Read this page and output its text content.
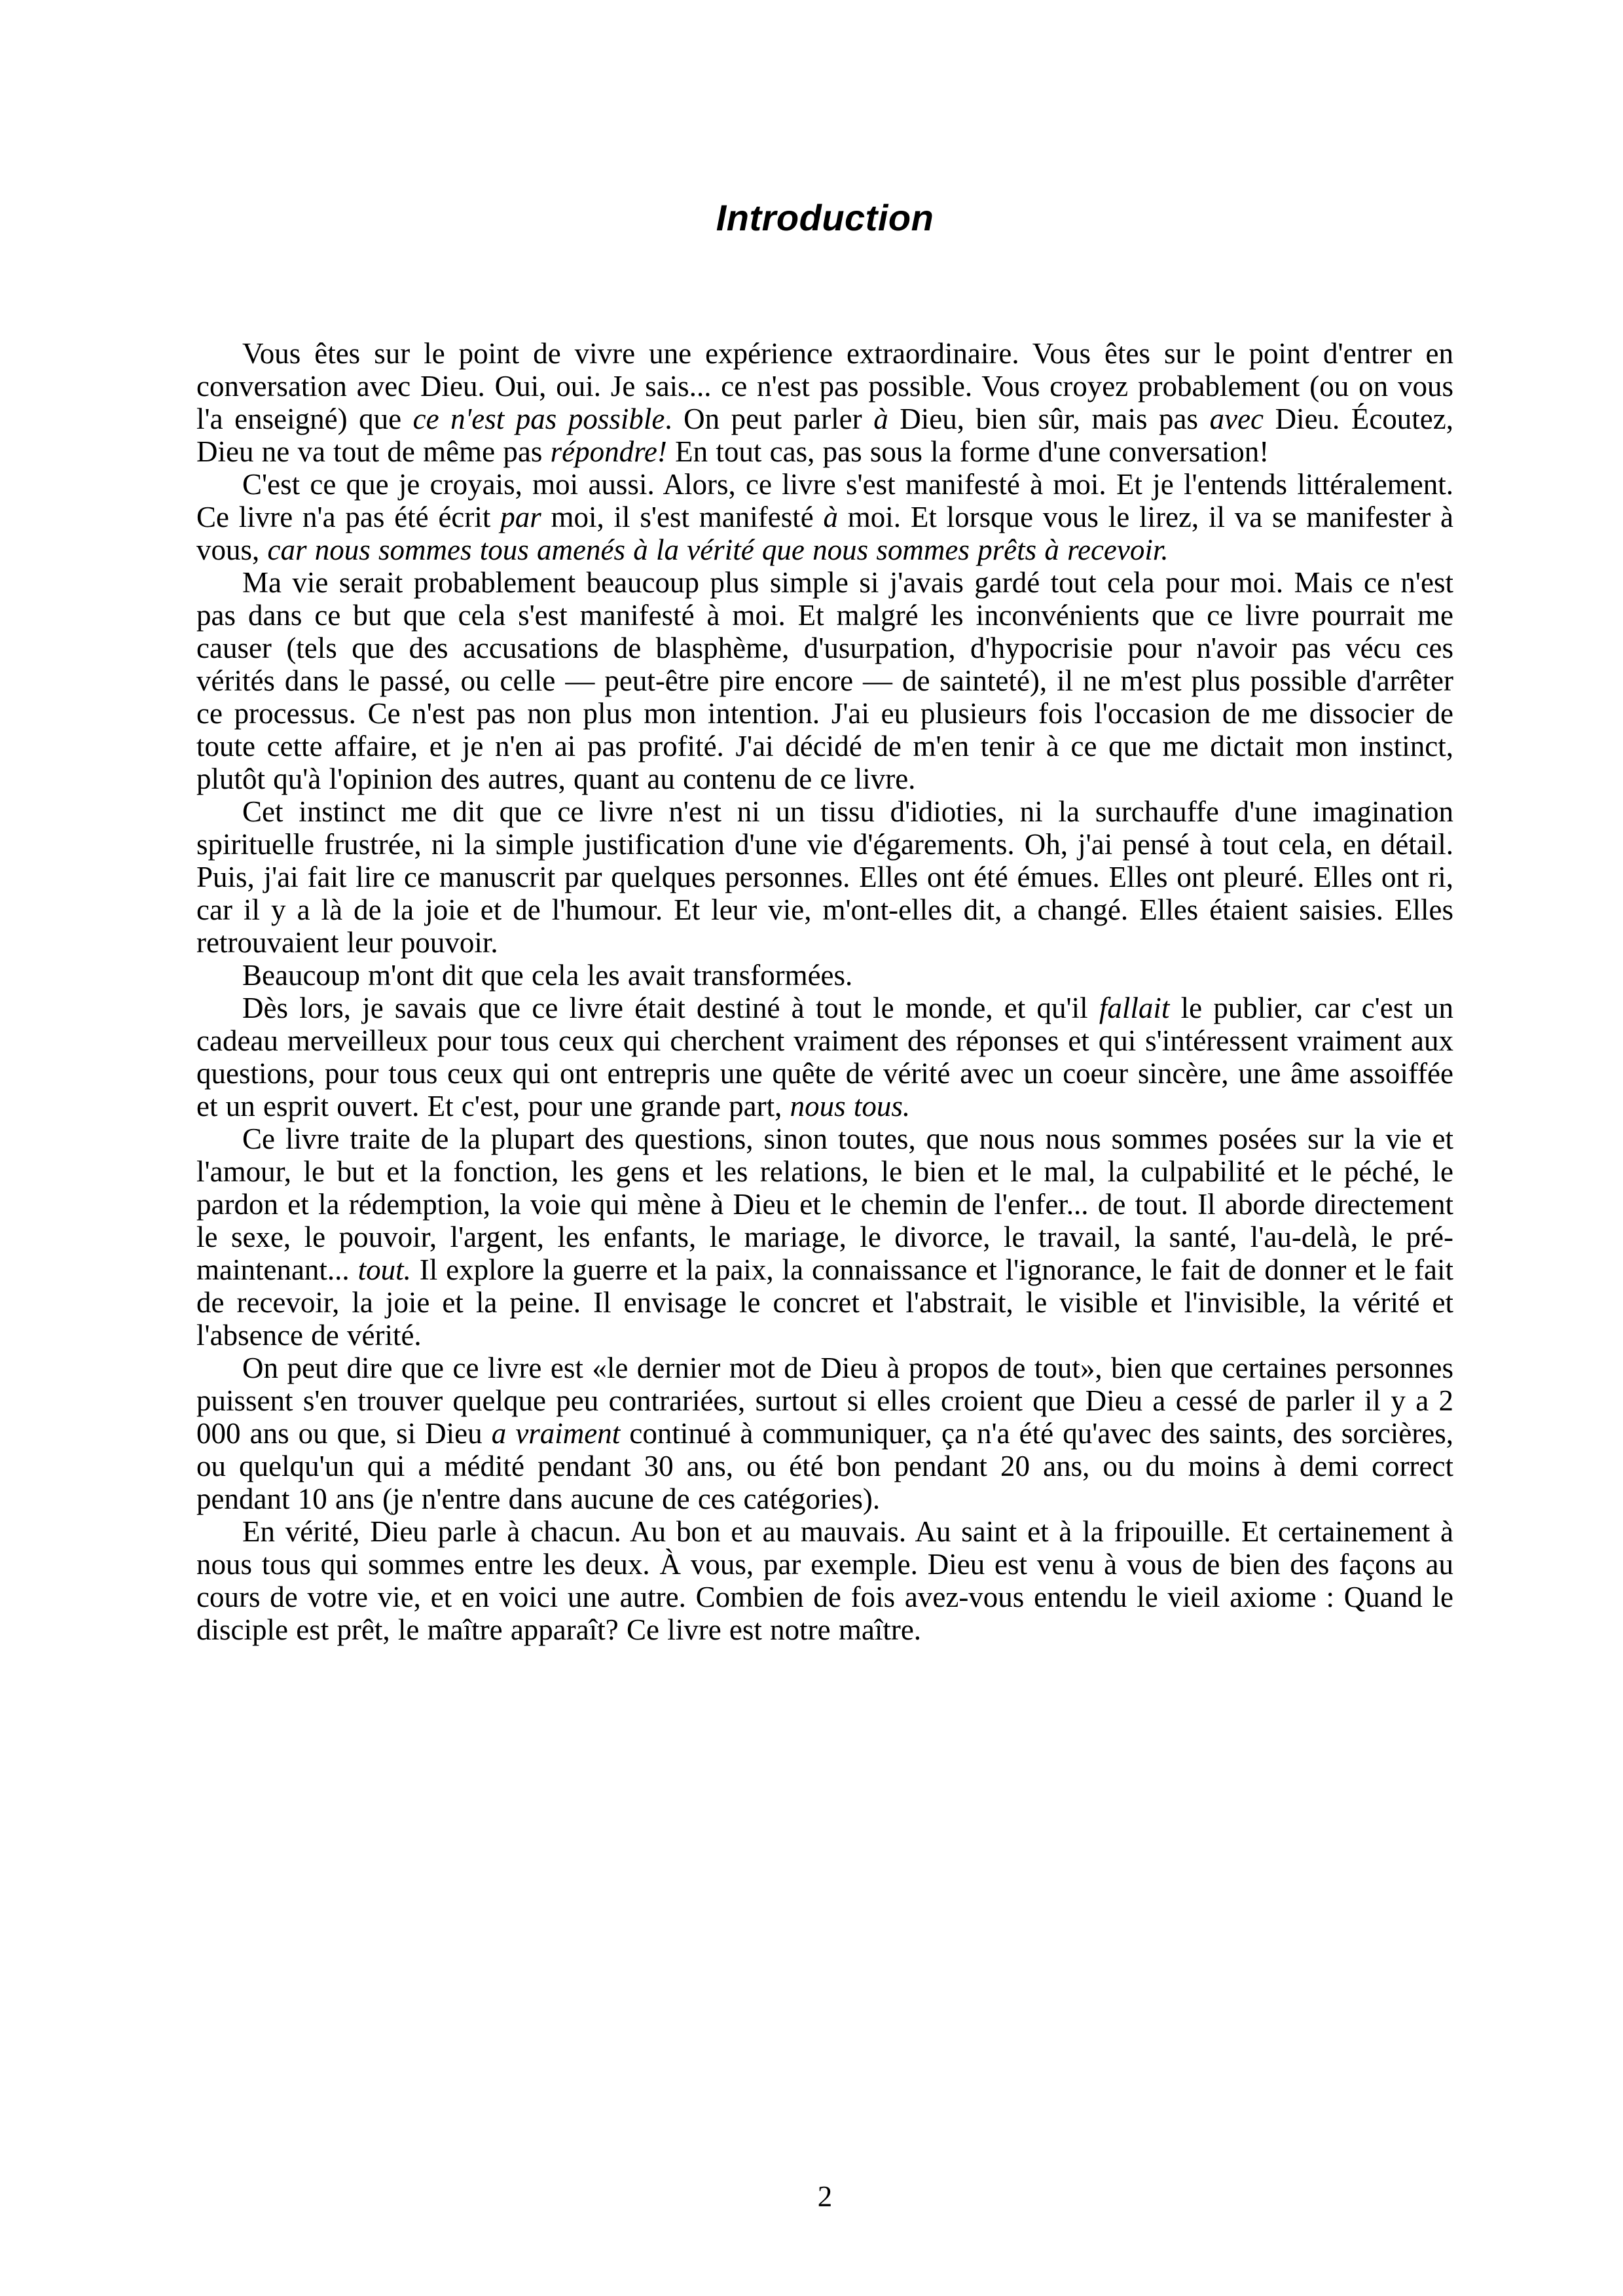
Introduction

Vous êtes sur le point de vivre une expérience extraordinaire. Vous êtes sur le point d'entrer en conversation avec Dieu. Oui, oui. Je sais... ce n'est pas possible. Vous croyez probablement (ou on vous l'a enseigné) que ce n'est pas possible. On peut parler à Dieu, bien sûr, mais pas avec Dieu. Écoutez, Dieu ne va tout de même pas répondre! En tout cas, pas sous la forme d'une conversation!

C'est ce que je croyais, moi aussi. Alors, ce livre s'est manifesté à moi. Et je l'entends littéralement. Ce livre n'a pas été écrit par moi, il s'est manifesté à moi. Et lorsque vous le lirez, il va se manifester à vous, car nous sommes tous amenés à la vérité que nous sommes prêts à recevoir.

Ma vie serait probablement beaucoup plus simple si j'avais gardé tout cela pour moi. Mais ce n'est pas dans ce but que cela s'est manifesté à moi. Et malgré les inconvénients que ce livre pourrait me causer (tels que des accusations de blasphème, d'usurpation, d'hypocrisie pour n'avoir pas vécu ces vérités dans le passé, ou celle — peut-être pire encore — de sainteté), il ne m'est plus possible d'arrêter ce processus. Ce n'est pas non plus mon intention. J'ai eu plusieurs fois l'occasion de me dissocier de toute cette affaire, et je n'en ai pas profité. J'ai décidé de m'en tenir à ce que me dictait mon instinct, plutôt qu'à l'opinion des autres, quant au contenu de ce livre.

Cet instinct me dit que ce livre n'est ni un tissu d'idioties, ni la surchauffe d'une imagination spirituelle frustrée, ni la simple justification d'une vie d'égarements. Oh, j'ai pensé à tout cela, en détail. Puis, j'ai fait lire ce manuscrit par quelques personnes. Elles ont été émues. Elles ont pleuré. Elles ont ri, car il y a là de la joie et de l'humour. Et leur vie, m'ont-elles dit, a changé. Elles étaient saisies. Elles retrouvaient leur pouvoir.

Beaucoup m'ont dit que cela les avait transformées.

Dès lors, je savais que ce livre était destiné à tout le monde, et qu'il fallait le publier, car c'est un cadeau merveilleux pour tous ceux qui cherchent vraiment des réponses et qui s'intéressent vraiment aux questions, pour tous ceux qui ont entrepris une quête de vérité avec un coeur sincère, une âme assoiffée et un esprit ouvert. Et c'est, pour une grande part, nous tous.

Ce livre traite de la plupart des questions, sinon toutes, que nous nous sommes posées sur la vie et l'amour, le but et la fonction, les gens et les relations, le bien et le mal, la culpabilité et le péché, le pardon et la rédemption, la voie qui mène à Dieu et le chemin de l'enfer... de tout. Il aborde directement le sexe, le pouvoir, l'argent, les enfants, le mariage, le divorce, le travail, la santé, l'au-delà, le pré-maintenant... tout. Il explore la guerre et la paix, la connaissance et l'ignorance, le fait de donner et le fait de recevoir, la joie et la peine. Il envisage le concret et l'abstrait, le visible et l'invisible, la vérité et l'absence de vérité.

On peut dire que ce livre est «le dernier mot de Dieu à propos de tout», bien que certaines personnes puissent s'en trouver quelque peu contrariées, surtout si elles croient que Dieu a cessé de parler il y a 2 000 ans ou que, si Dieu a vraiment continué à communiquer, ça n'a été qu'avec des saints, des sorcières, ou quelqu'un qui a médité pendant 30 ans, ou été bon pendant 20 ans, ou du moins à demi correct pendant 10 ans (je n'entre dans aucune de ces catégories).

En vérité, Dieu parle à chacun. Au bon et au mauvais. Au saint et à la fripouille. Et certainement à nous tous qui sommes entre les deux. À vous, par exemple. Dieu est venu à vous de bien des façons au cours de votre vie, et en voici une autre. Combien de fois avez-vous entendu le vieil axiome : Quand le disciple est prêt, le maître apparaît? Ce livre est notre maître.

2
